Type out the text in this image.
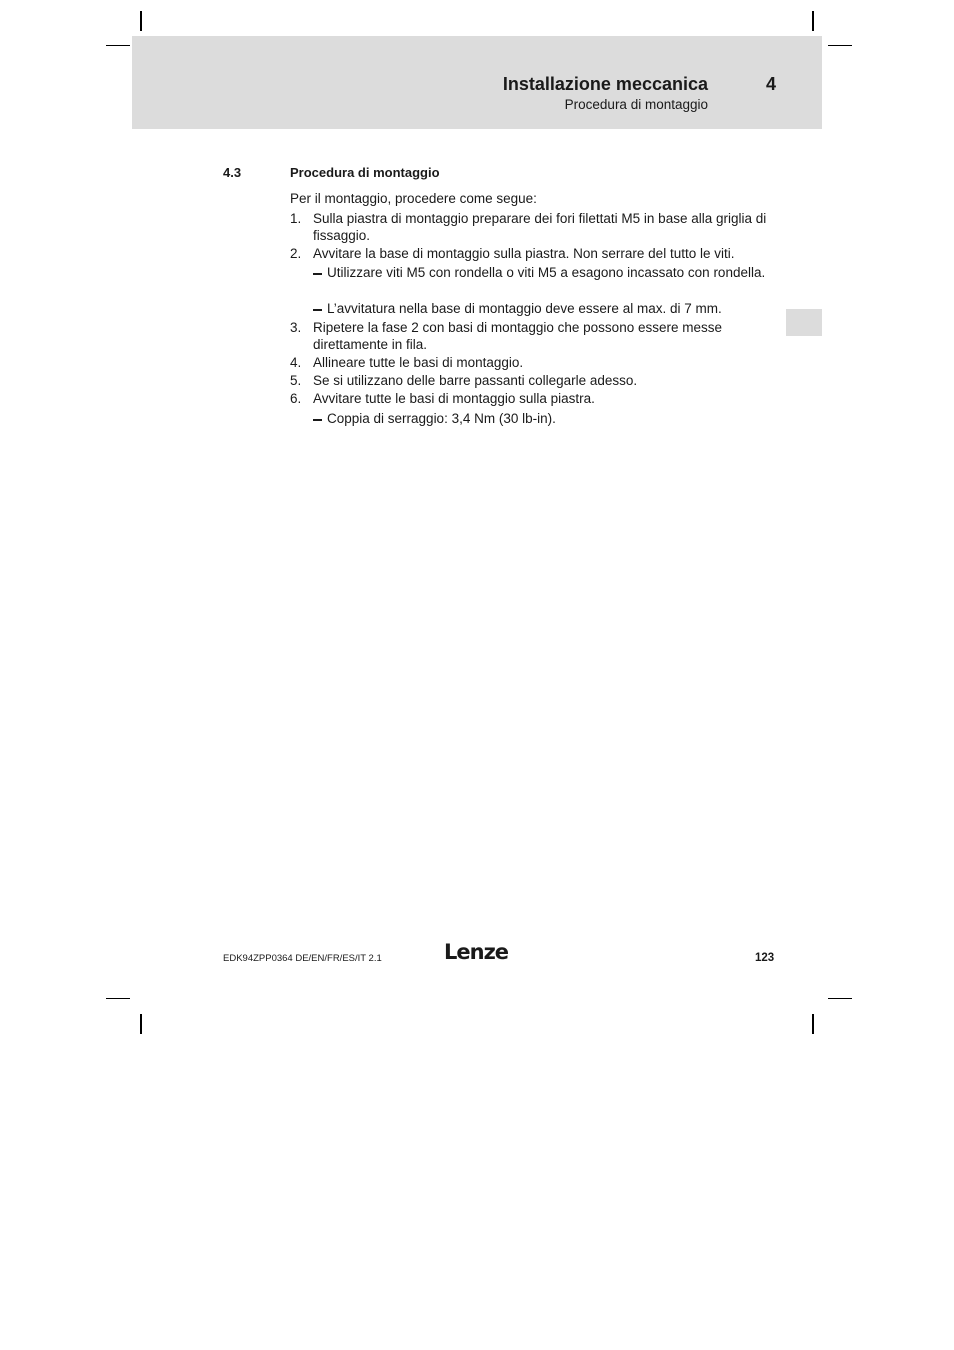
Installazione meccanica	4
Procedura di montaggio
4.3	Procedura di montaggio
Per il montaggio, procedere come segue:
1. Sulla piastra di montaggio preparare dei fori filettati M5 in base alla griglia di fissaggio.
2. Avvitare la base di montaggio sulla piastra. Non serrare del tutto le viti.
Utilizzare viti M5 con rondella o viti M5 a esagono incassato con rondella.
L’avvitatura nella base di montaggio deve essere al max. di 7 mm.
3. Ripetere la fase 2 con basi di montaggio che possono essere messe direttamente in fila.
4. Allineare tutte le basi di montaggio.
5. Se si utilizzano delle barre passanti collegarle adesso.
6. Avvitare tutte le basi di montaggio sulla piastra.
Coppia di serraggio: 3,4 Nm (30 lb-in).
EDK94ZPP0364 DE/EN/FR/ES/IT 2.1	Lenze	123
